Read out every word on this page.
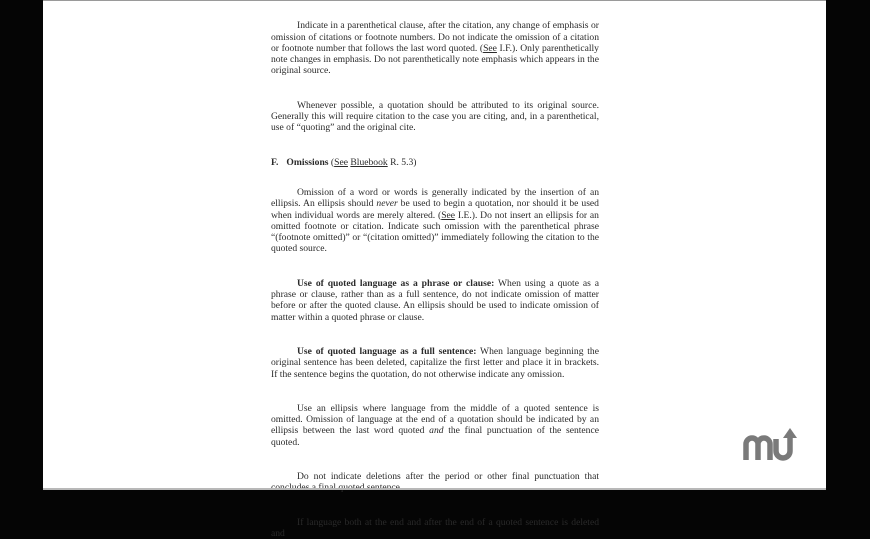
Indicate in a parenthetical clause, after the citation, any change of emphasis or omission of citations or footnote numbers. Do not indicate the omission of a citation or footnote number that follows the last word quoted. (See I.F.). Only parenthetically note changes in emphasis. Do not parenthetically note emphasis which appears in the original source.

Whenever possible, a quotation should be attributed to its original source. Generally this will require citation to the case you are citing, and, in a parenthetical, use of “quoting” and the original cite.

F. Omissions (See Bluebook R. 5.3)

Omission of a word or words is generally indicated by the insertion of an ellipsis. An ellipsis should never be used to begin a quotation, nor should it be used when individual words are merely altered. (See I.E.). Do not insert an ellipsis for an omitted footnote or citation. Indicate such omission with the parenthetical phrase “(footnote omitted)” or “(citation omitted)” immediately following the citation to the quoted source.

Use of quoted language as a phrase or clause: When using a quote as a phrase or clause, rather than as a full sentence, do not indicate omission of matter before or after the quoted clause. An ellipsis should be used to indicate omission of matter within a quoted phrase or clause.

Use of quoted language as a full sentence: When language beginning the original sentence has been deleted, capitalize the first letter and place it in brackets. If the sentence begins the quotation, do not otherwise indicate any omission.

Use an ellipsis where language from the middle of a quoted sentence is omitted. Omission of language at the end of a quotation should be indicated by an ellipsis between the last word quoted and the final punctuation of the sentence quoted.

Do not indicate deletions after the period or other final punctuation that

If language both at the end and after the end of a quoted sentence is deleted and
